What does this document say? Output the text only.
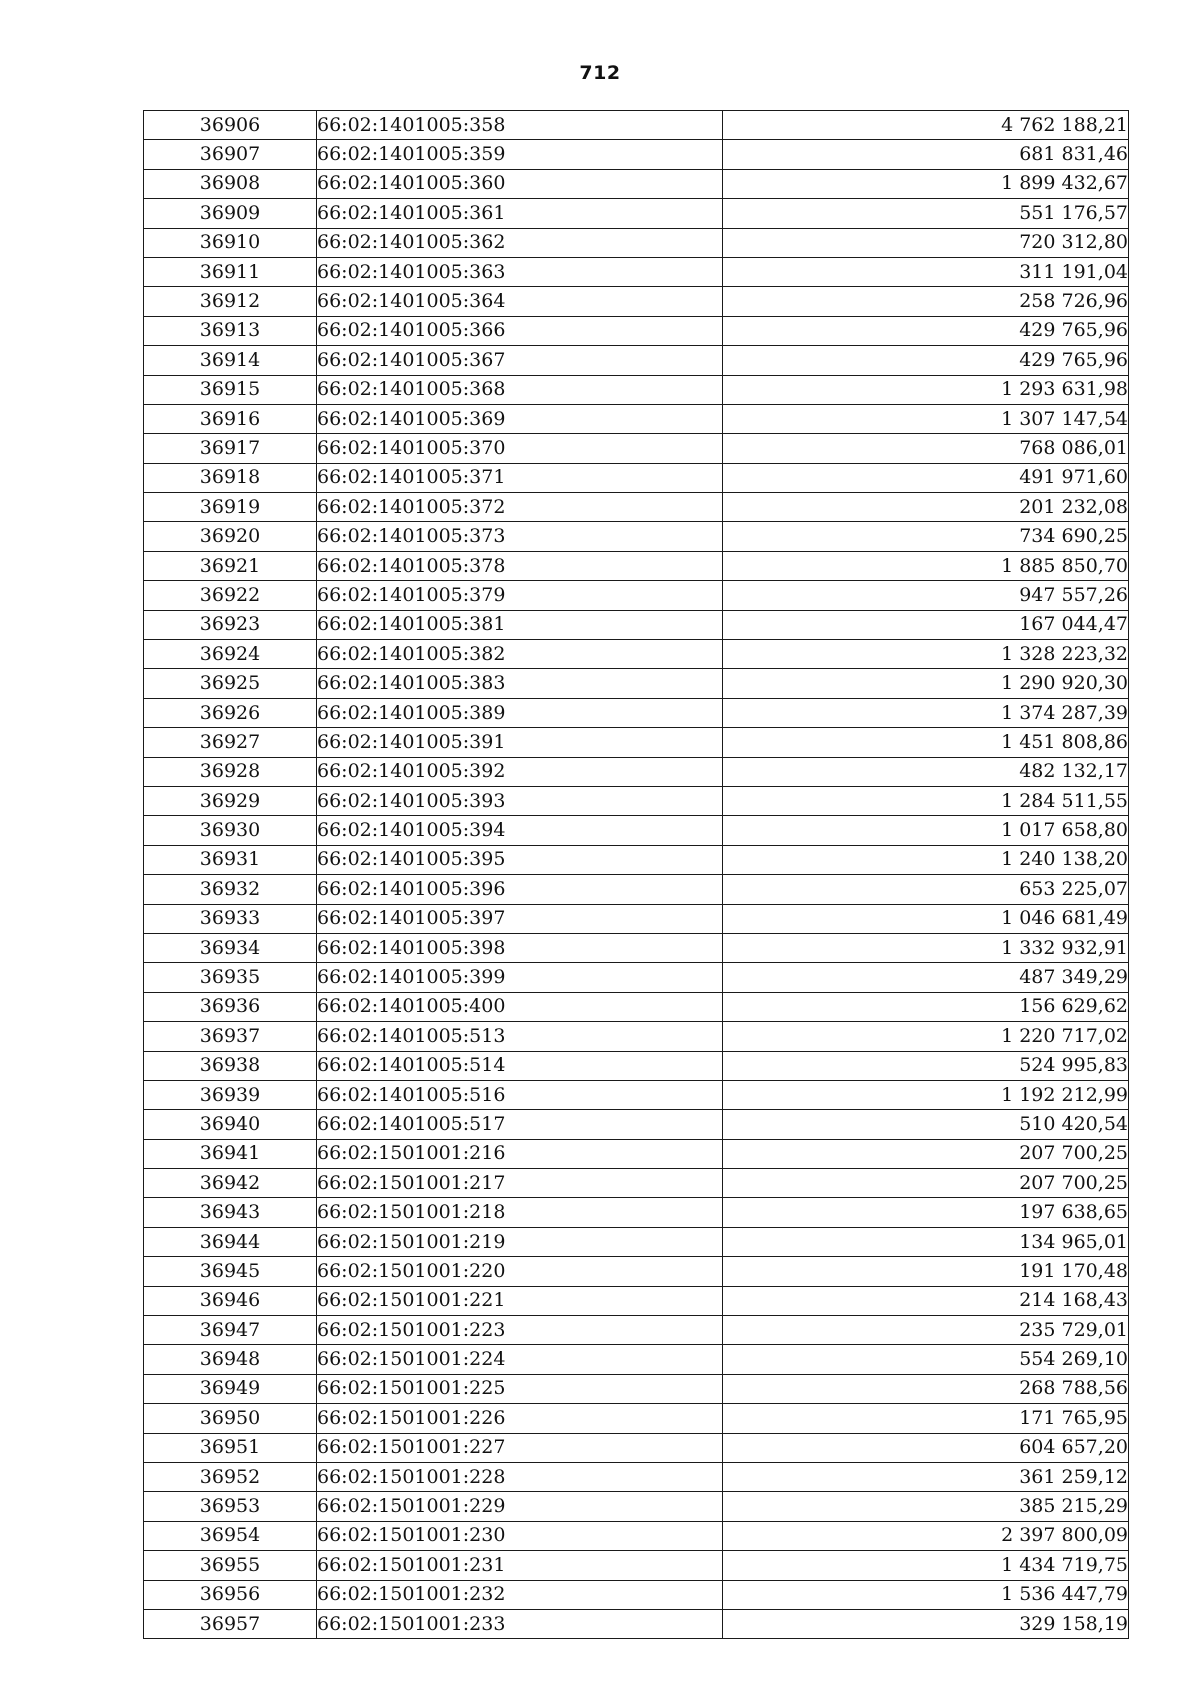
712
36906	66:02:1401005:358	4 762 188,21
36907	66:02:1401005:359	681 831,46
36908	66:02:1401005:360	1 899 432,67
36909	66:02:1401005:361	551 176,57
36910	66:02:1401005:362	720 312,80
36911	66:02:1401005:363	311 191,04
36912	66:02:1401005:364	258 726,96
36913	66:02:1401005:366	429 765,96
36914	66:02:1401005:367	429 765,96
36915	66:02:1401005:368	1 293 631,98
36916	66:02:1401005:369	1 307 147,54
36917	66:02:1401005:370	768 086,01
36918	66:02:1401005:371	491 971,60
36919	66:02:1401005:372	201 232,08
36920	66:02:1401005:373	734 690,25
36921	66:02:1401005:378	1 885 850,70
36922	66:02:1401005:379	947 557,26
36923	66:02:1401005:381	167 044,47
36924	66:02:1401005:382	1 328 223,32
36925	66:02:1401005:383	1 290 920,30
36926	66:02:1401005:389	1 374 287,39
36927	66:02:1401005:391	1 451 808,86
36928	66:02:1401005:392	482 132,17
36929	66:02:1401005:393	1 284 511,55
36930	66:02:1401005:394	1 017 658,80
36931	66:02:1401005:395	1 240 138,20
36932	66:02:1401005:396	653 225,07
36933	66:02:1401005:397	1 046 681,49
36934	66:02:1401005:398	1 332 932,91
36935	66:02:1401005:399	487 349,29
36936	66:02:1401005:400	156 629,62
36937	66:02:1401005:513	1 220 717,02
36938	66:02:1401005:514	524 995,83
36939	66:02:1401005:516	1 192 212,99
36940	66:02:1401005:517	510 420,54
36941	66:02:1501001:216	207 700,25
36942	66:02:1501001:217	207 700,25
36943	66:02:1501001:218	197 638,65
36944	66:02:1501001:219	134 965,01
36945	66:02:1501001:220	191 170,48
36946	66:02:1501001:221	214 168,43
36947	66:02:1501001:223	235 729,01
36948	66:02:1501001:224	554 269,10
36949	66:02:1501001:225	268 788,56
36950	66:02:1501001:226	171 765,95
36951	66:02:1501001:227	604 657,20
36952	66:02:1501001:228	361 259,12
36953	66:02:1501001:229	385 215,29
36954	66:02:1501001:230	2 397 800,09
36955	66:02:1501001:231	1 434 719,75
36956	66:02:1501001:232	1 536 447,79
36957	66:02:1501001:233	329 158,19
